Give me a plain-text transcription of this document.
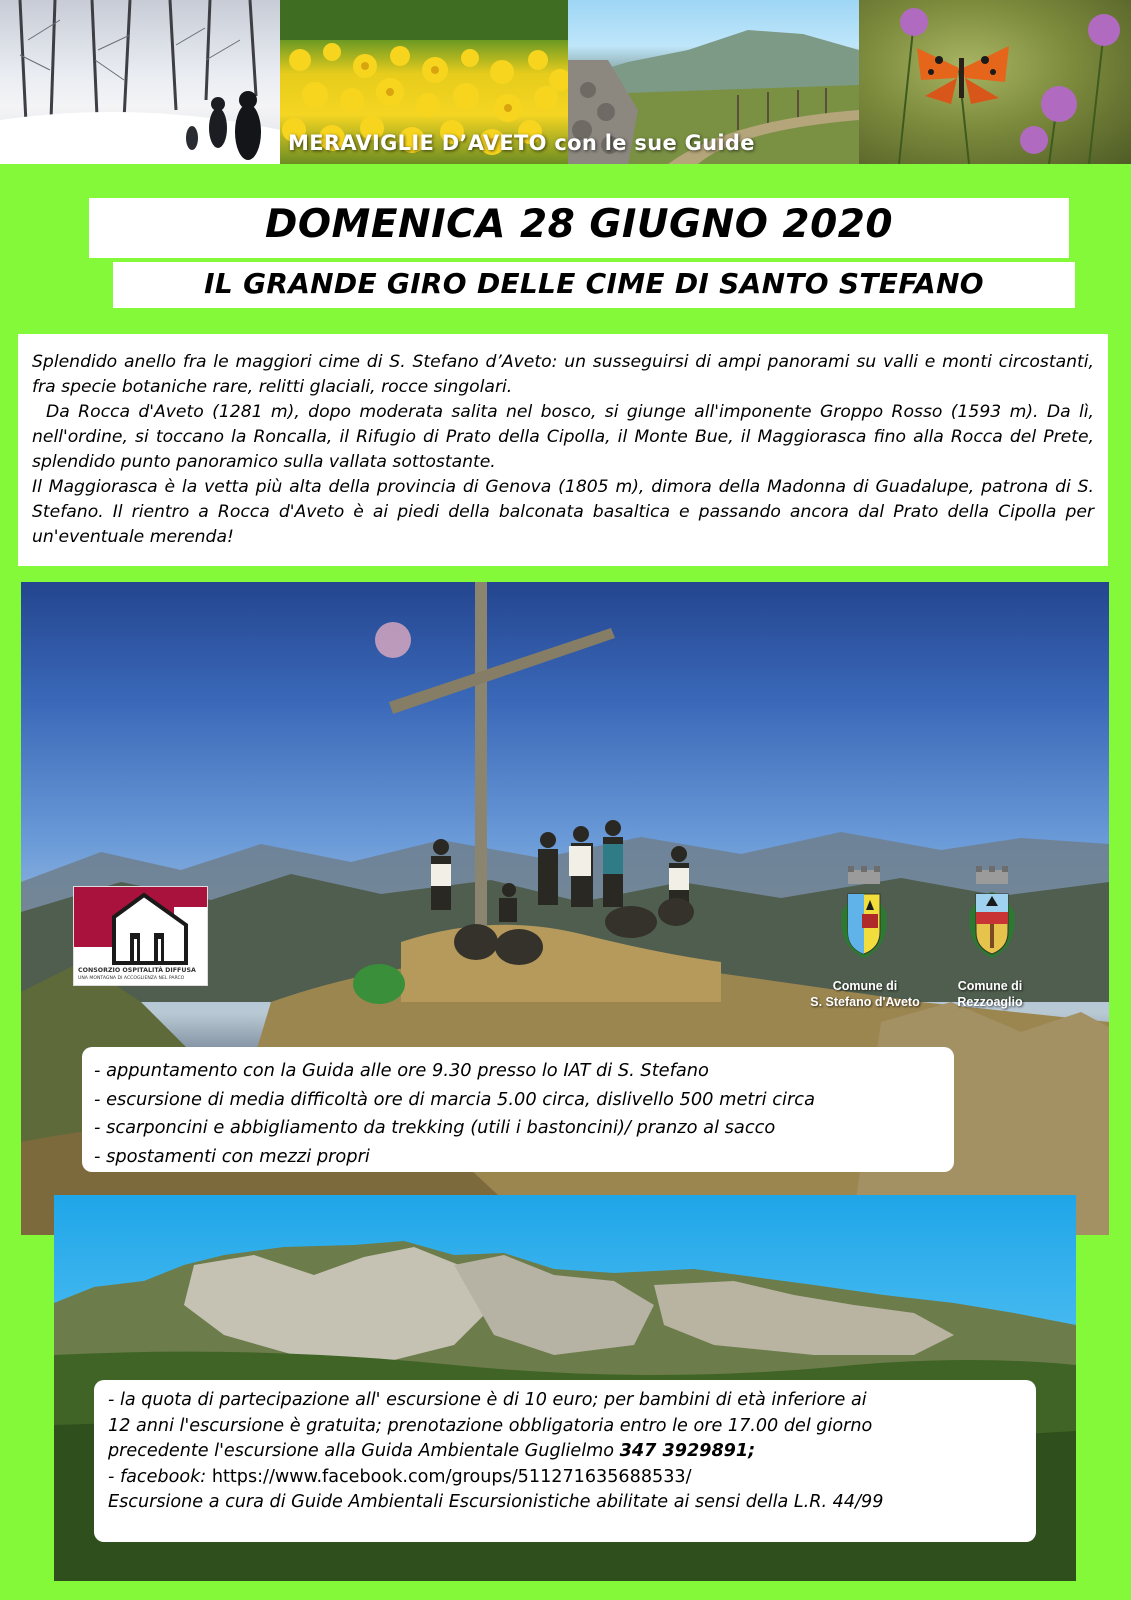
MERAVIGLIE D’AVETO con le sue Guide
DOMENICA 28 GIUGNO 2020
IL GRANDE GIRO DELLE CIME DI SANTO STEFANO

Splendido anello fra le maggiori cime di S. Stefano d’Aveto: un susseguirsi di ampi panorami su valli e monti circostanti, fra specie botaniche rare, relitti glaciali, rocce singolari.

Da Rocca d'Aveto (1281 m), dopo moderata salita nel bosco, si giunge all'imponente Groppo Rosso (1593 m). Da lì, nell'ordine, si toccano la Roncalla, il Rifugio di Prato della Cipolla, il Monte Bue, il Maggiorasca fino alla Rocca del Prete, splendido punto panoramico sulla vallata sottostante.

Il Maggiorasca è la vetta più alta della provincia di Genova (1805 m), dimora della Madonna di Guadalupe, patrona di S. Stefano. Il rientro a Rocca d'Aveto è ai piedi della balconata basaltica e passando ancora dal Prato della Cipolla per un'eventuale merenda!

CONSORZIO OSPITALITÀ DIFFUSA
UNA MONTAGNA DI ACCOGLIENZA NEL PARCO
Comune di
S. Stefano d'Aveto
Comune di
Rezzoaglio
- appuntamento con la Guida alle ore 9.30 presso lo IAT di S. Stefano
- escursione di media difficoltà ore di marcia 5.00 circa, dislivello 500 metri circa
- scarponcini e abbigliamento da trekking (utili i bastoncini)/ pranzo al sacco
- spostamenti con mezzi propri
- la quota di partecipazione all' escursione è di 10 euro; per bambini di età inferiore ai
12 anni l'escursione è gratuita; prenotazione obbligatoria entro le ore 17.00 del giorno
precedente l'escursione alla Guida Ambientale Guglielmo 347 3929891;
- facebook: https://www.facebook.com/groups/511271635688533/
Escursione a cura di Guide Ambientali Escursionistiche abilitate ai sensi della L.R. 44/99
